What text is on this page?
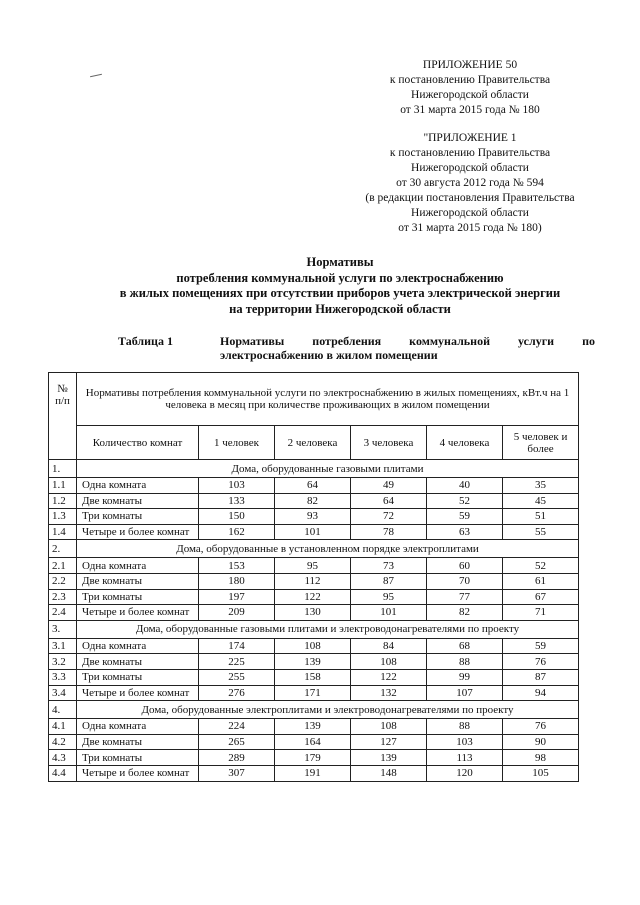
ПРИЛОЖЕНИЕ 50
к постановлению Правительства
Нижегородской области
от 31 марта 2015 года № 180
"ПРИЛОЖЕНИЕ 1
к постановлению Правительства
Нижегородской области
от 30 августа 2012 года № 594
(в редакции постановления Правительства
Нижегородской области
от 31 марта 2015 года № 180)
Нормативы
потребления коммунальной услуги по электроснабжению
в жилых помещениях при отсутствии приборов учета электрической энергии
на территории Нижегородской области
Таблица 1	Нормативы потребления коммунальной услуги по электроснабжению в жилом помещении
№ п/п	Нормативы потребления коммунальной услуги по электроснабжению в жилых помещениях, кВт.ч на 1 человека в месяц при количестве проживающих в жилом помещении					
	Количество комнат	1 человек	2 человека	3 человека	4 человека	5 человек и более
1.	Дома, оборудованные газовыми плитами					
1.1	Одна комната	103	64	49	40	35
1.2	Две комнаты	133	82	64	52	45
1.3	Три комнаты	150	93	72	59	51
1.4	Четыре и более комнат	162	101	78	63	55
2.	Дома, оборудованные в установленном порядке электроплитами					
2.1	Одна комната	153	95	73	60	52
2.2	Две комнаты	180	112	87	70	61
2.3	Три комнаты	197	122	95	77	67
2.4	Четыре и более комнат	209	130	101	82	71
3.	Дома, оборудованные газовыми плитами и электроводонагревателями по проекту					
3.1	Одна комната	174	108	84	68	59
3.2	Две комнаты	225	139	108	88	76
3.3	Три комнаты	255	158	122	99	87
3.4	Четыре и более комнат	276	171	132	107	94
4.	Дома, оборудованные электроплитами и электроводонагревателями по проекту					
4.1	Одна комната	224	139	108	88	76
4.2	Две комнаты	265	164	127	103	90
4.3	Три комнаты	289	179	139	113	98
4.4	Четыре и более комнат	307	191	148	120	105
